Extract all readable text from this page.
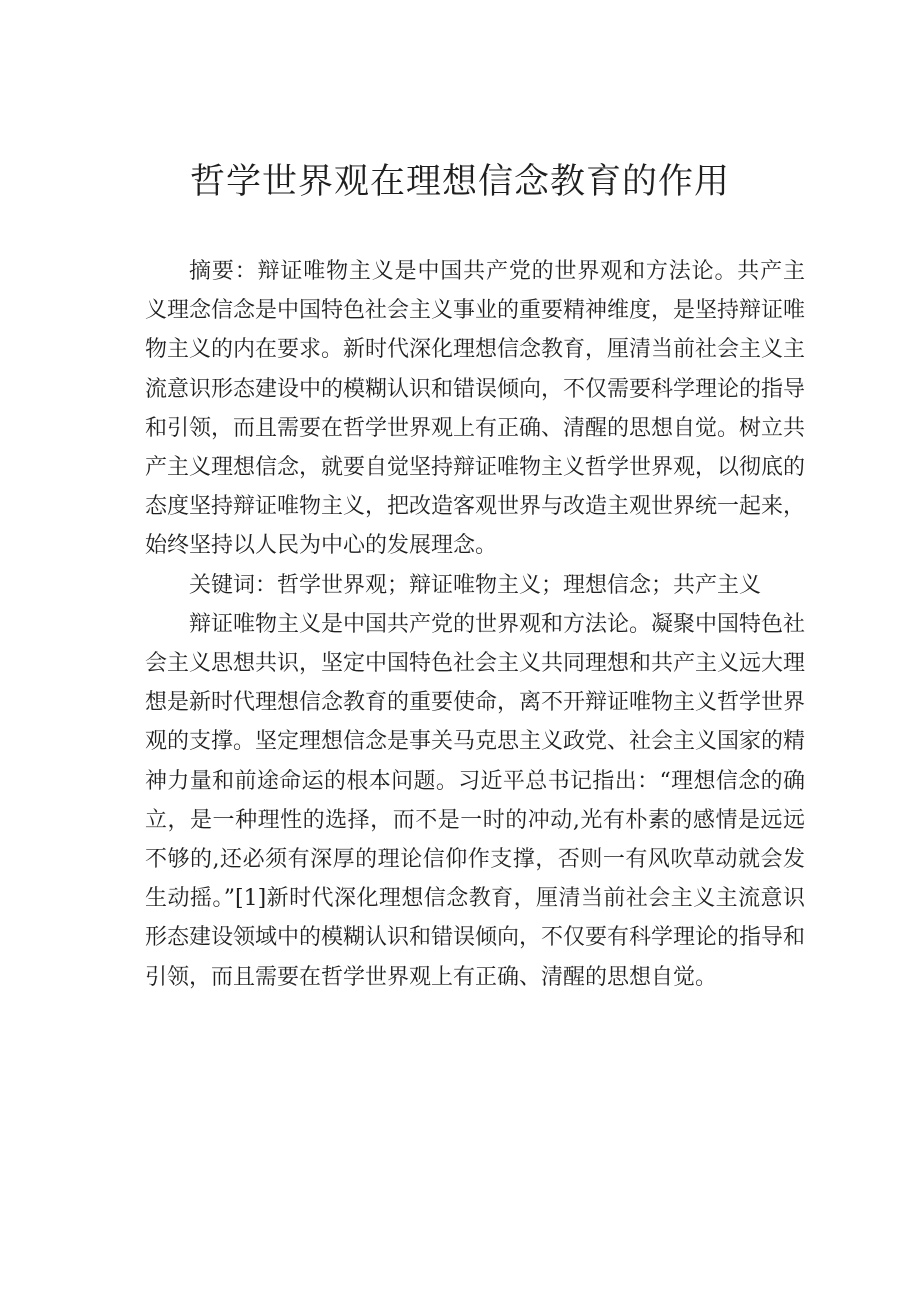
哲学世界观在理想信念教育的作用

摘要：辩证唯物主义是中国共产党的世界观和方法论。共产主义理念信念是中国特色社会主义事业的重要精神维度，是坚持辩证唯物主义的内在要求。新时代深化理想信念教育，厘清当前社会主义主流意识形态建设中的模糊认识和错误倾向，不仅需要科学理论的指导和引领，而且需要在哲学世界观上有正确、清醒的思想自觉。树立共产主义理想信念，就要自觉坚持辩证唯物主义哲学世界观，以彻底的态度坚持辩证唯物主义，把改造客观世界与改造主观世界统一起来，始终坚持以人民为中心的发展理念。

关键词：哲学世界观；辩证唯物主义；理想信念；共产主义

辩证唯物主义是中国共产党的世界观和方法论。凝聚中国特色社会主义思想共识，坚定中国特色社会主义共同理想和共产主义远大理想是新时代理想信念教育的重要使命，离不开辩证唯物主义哲学世界观的支撑。坚定理想信念是事关马克思主义政党、社会主义国家的精神力量和前途命运的根本问题。习近平总书记指出：“理想信念的确立，是一种理性的选择，而不是一时的冲动,光有朴素的感情是远远不够的,还必须有深厚的理论信仰作支撑，否则一有风吹草动就会发生动摇。”[1]新时代深化理想信念教育，厘清当前社会主义主流意识形态建设领域中的模糊认识和错误倾向，不仅要有科学理论的指导和引领，而且需要在哲学世界观上有正确、清醒的思想自觉。
